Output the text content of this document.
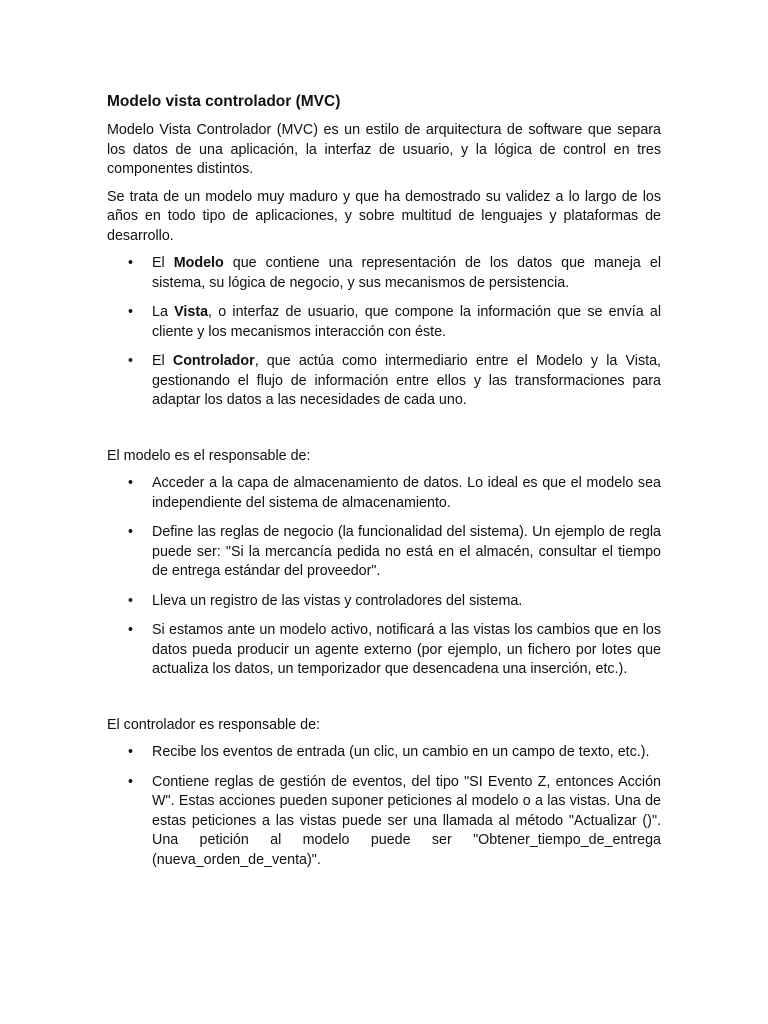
Modelo vista controlador (MVC)

Modelo Vista Controlador (MVC) es un estilo de arquitectura de software que separa los datos de una aplicación, la interfaz de usuario, y la lógica de control en tres componentes distintos.

Se trata de un modelo muy maduro y que ha demostrado su validez a lo largo de los años en todo tipo de aplicaciones, y sobre multitud de lenguajes y plataformas de desarrollo.

• El Modelo que contiene una representación de los datos que maneja el sistema, su lógica de negocio, y sus mecanismos de persistencia.
• La Vista, o interfaz de usuario, que compone la información que se envía al cliente y los mecanismos interacción con éste.
• El Controlador, que actúa como intermediario entre el Modelo y la Vista, gestionando el flujo de información entre ellos y las transformaciones para adaptar los datos a las necesidades de cada uno.

El modelo es el responsable de:

• Acceder a la capa de almacenamiento de datos. Lo ideal es que el modelo sea independiente del sistema de almacenamiento.
• Define las reglas de negocio (la funcionalidad del sistema). Un ejemplo de regla puede ser: "Si la mercancía pedida no está en el almacén, consultar el tiempo de entrega estándar del proveedor".
• Lleva un registro de las vistas y controladores del sistema.
• Si estamos ante un modelo activo, notificará a las vistas los cambios que en los datos pueda producir un agente externo (por ejemplo, un fichero por lotes que actualiza los datos, un temporizador que desencadena una inserción, etc.).

El controlador es responsable de:

• Recibe los eventos de entrada (un clic, un cambio en un campo de texto, etc.).
• Contiene reglas de gestión de eventos, del tipo "SI Evento Z, entonces Acción W". Estas acciones pueden suponer peticiones al modelo o a las vistas. Una de estas peticiones a las vistas puede ser una llamada al método "Actualizar ()". Una petición al modelo puede ser "Obtener_tiempo_de_entrega (nueva_orden_de_venta)".
